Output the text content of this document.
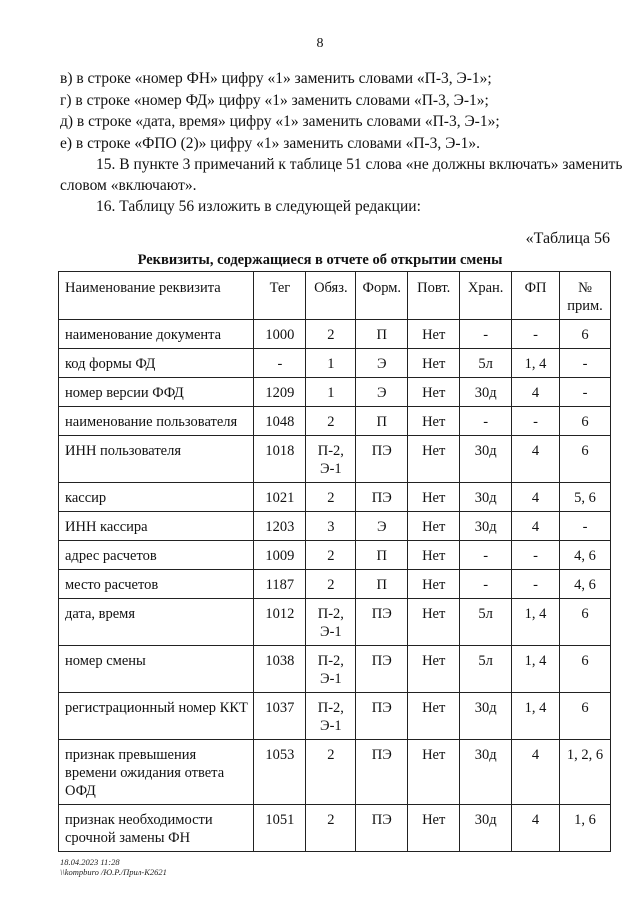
8
в) в строке «номер ФН» цифру «1» заменить словами «П-3, Э-1»;
г) в строке «номер ФД» цифру «1» заменить словами «П-3, Э-1»;
д) в строке «дата, время» цифру «1» заменить словами «П-3, Э-1»;
е) в строке «ФПО (2)» цифру «1» заменить словами «П-3, Э-1».
15. В пункте 3 примечаний к таблице 51 слова «не должны включать» заменить
словом «включают».
16. Таблицу 56 изложить в следующей редакции:
«Таблица 56
Реквизиты, содержащиеся в отчете об открытии смены
Наименование реквизита	Тег	Обяз.	Форм.	Повт.	Хран.	ФП	№ прим.
наименование документа	1000	2	П	Нет	-	-	6
код формы ФД	-	1	Э	Нет	5л	1, 4	-
номер версии ФФД	1209	1	Э	Нет	30д	4	-
наименование пользователя	1048	2	П	Нет	-	-	6
ИНН пользователя	1018	П-2, Э-1	ПЭ	Нет	30д	4	6
кассир	1021	2	ПЭ	Нет	30д	4	5, 6
ИНН кассира	1203	3	Э	Нет	30д	4	-
адрес расчетов	1009	2	П	Нет	-	-	4, 6
место расчетов	1187	2	П	Нет	-	-	4, 6
дата, время	1012	П-2, Э-1	ПЭ	Нет	5л	1, 4	6
номер смены	1038	П-2, Э-1	ПЭ	Нет	5л	1, 4	6
регистрационный номер ККТ	1037	П-2, Э-1	ПЭ	Нет	30д	1, 4	6
признак превышения времени ожидания ответа ОФД	1053	2	ПЭ	Нет	30д	4	1, 2, 6
признак необходимости срочной замены ФН	1051	2	ПЭ	Нет	30д	4	1, 6
18.04.2023 11:28
\\kompburo /Ю.Р./Прил-К2621
